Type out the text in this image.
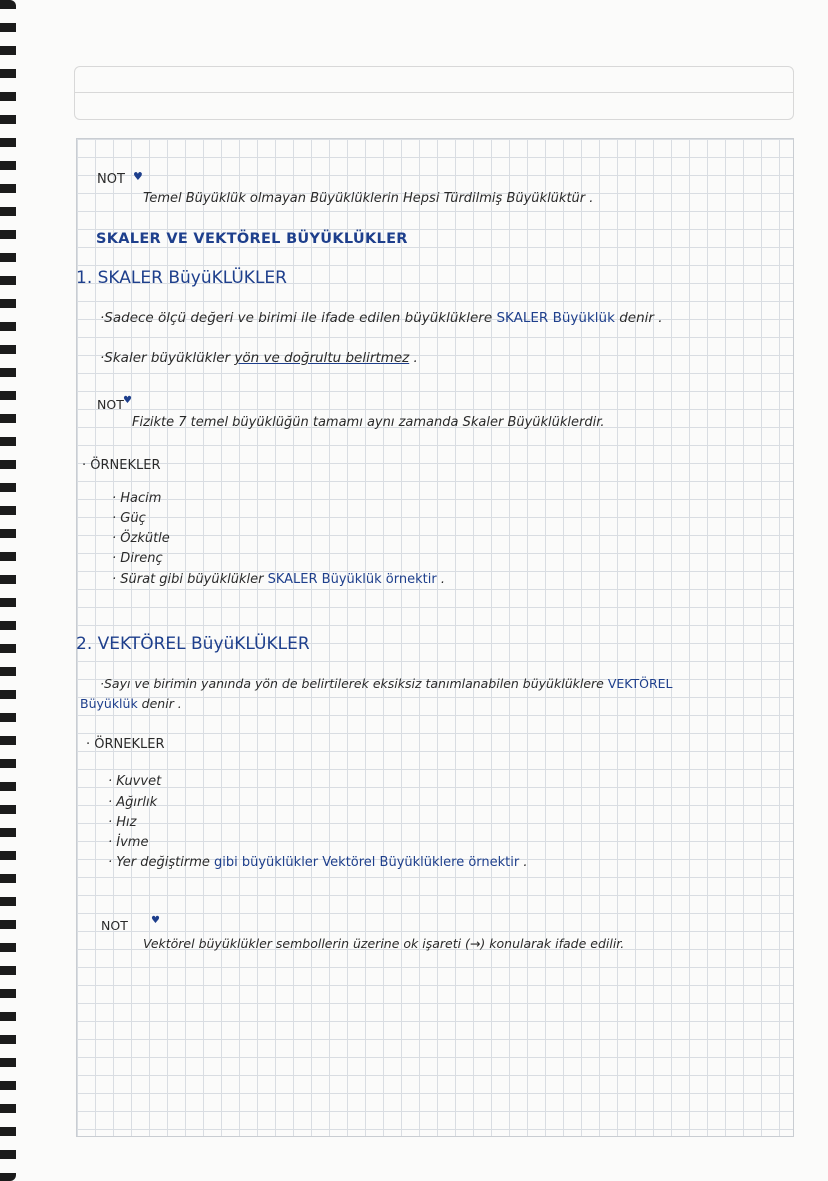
NOT ♥
Temel Büyüklük olmayan Büyüklüklerin Hepsi Türdilmiş Büyüklüktür .
SKALER VE VEKTÖREL BÜYÜKLÜKLER
1. SKALER BüyüKLÜKLER
·Sadece ölçü değeri ve birimi ile ifade edilen büyüklüklere SKALER Büyüklük denir .
·Skaler büyüklükler yön ve doğrultu belirtmez .
NOT ♥
Fizikte 7 temel büyüklüğün tamamı aynı zamanda Skaler Büyüklüklerdir.
· ÖRNEKLER
· Hacim
· Güç
· Özkütle
· Direnç
· Sürat gibi büyüklükler SKALER Büyüklük örnektir .
2. VEKTÖREL BüyüKLÜKLER
·Sayı ve birimin yanında yön de belirtilerek eksiksiz tanımlanabilen büyüklüklere VEKTÖREL
Büyüklük denir .
· ÖRNEKLER
· Kuvvet
· Ağırlık
· Hız
· İvme
· Yer değiştirme gibi büyüklükler Vektörel Büyüklüklere örnektir .
NOT ♥
Vektörel büyüklükler sembollerin üzerine ok işareti (→) konularak ifade edilir.
